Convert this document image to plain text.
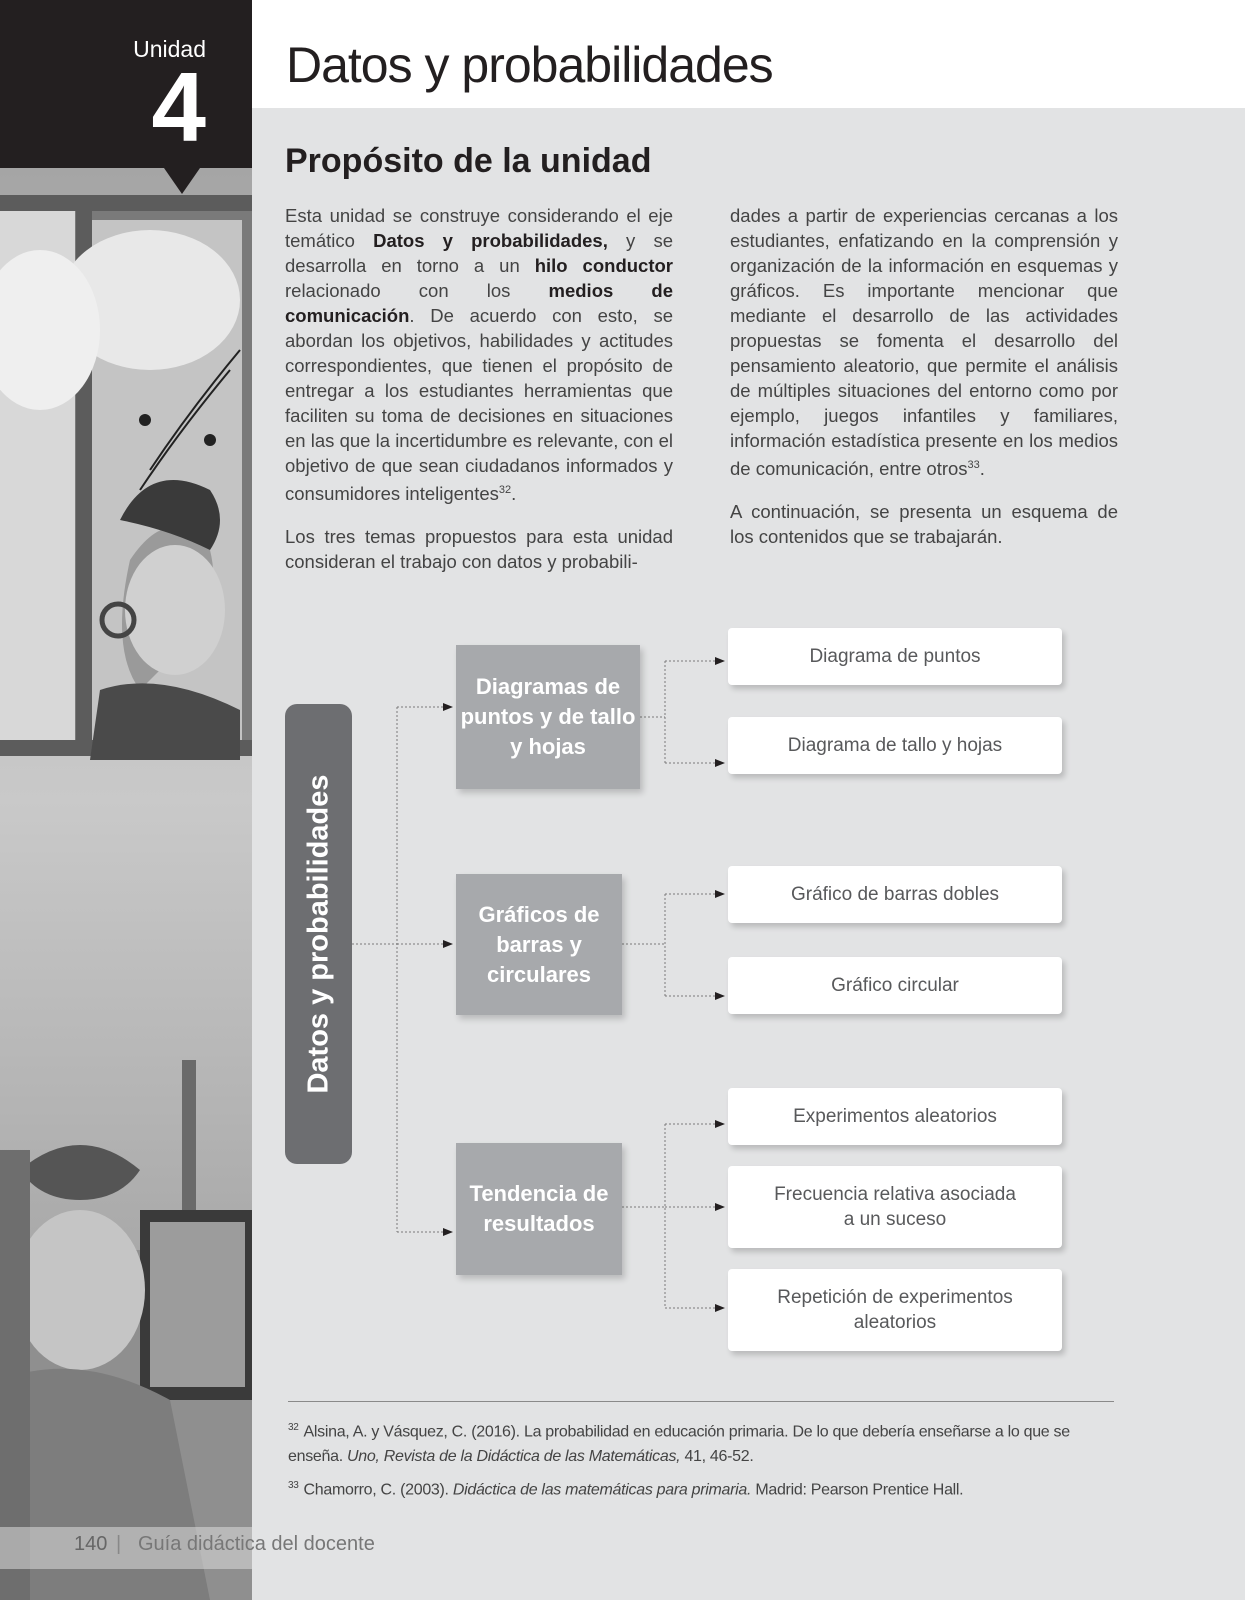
Unidad
4 Datos y probabilidades
Propósito de la unidad

Esta unidad se construye considerando el eje temático Datos y probabilidades, y se desarrolla en torno a un hilo conductor relacionado con los medios de comunicación. De acuerdo con esto, se abordan los objetivos, habilidades y actitudes correspondientes, que tienen el propósito de entregar a los estudiantes herramientas que faciliten su toma de decisiones en situaciones en las que la incertidumbre es relevante, con el objetivo de que sean ciudadanos informados y consumidores inteligentes$^{32}$.

Los tres temas propuestos para esta unidad consideran el trabajo con datos y probabili-

dades a partir de experiencias cercanas a los estudiantes, enfatizando en la comprensión y organización de la información en esquemas y gráficos. Es importante mencionar que mediante el desarrollo de las actividades propuestas se fomenta el desarrollo del pensamiento aleatorio, que permite el análisis de múltiples situaciones del entorno como por ejemplo, juegos infantiles y familiares, información estadística presente en los medios de comunicación, entre otros$^{33}$.

A continuación, se presenta un esquema de los contenidos que se trabajarán.

Datos y probabilidades
Diagramas de puntos y de tallo y hojas
Gráficos de barras y circulares
Tendencia de resultados
Diagrama de puntos
Diagrama de tallo y hojas
Gráfico de barras dobles
Gráfico circular
Experimentos aleatorios
Frecuencia relativa asociada a un suceso
Repetición de experimentos aleatorios
$^{32}$ Alsina, A. y Vásquez, C. (2016). La probabilidad en educación primaria. De lo que debería enseñarse a lo que se enseña. Uno, Revista de la Didáctica de las Matemáticas, 41, 46-52.
$^{33}$ Chamorro, C. (2003). Didáctica de las matemáticas para primaria. Madrid: Pearson Prentice Hall.
140 | Guía didáctica del docente
